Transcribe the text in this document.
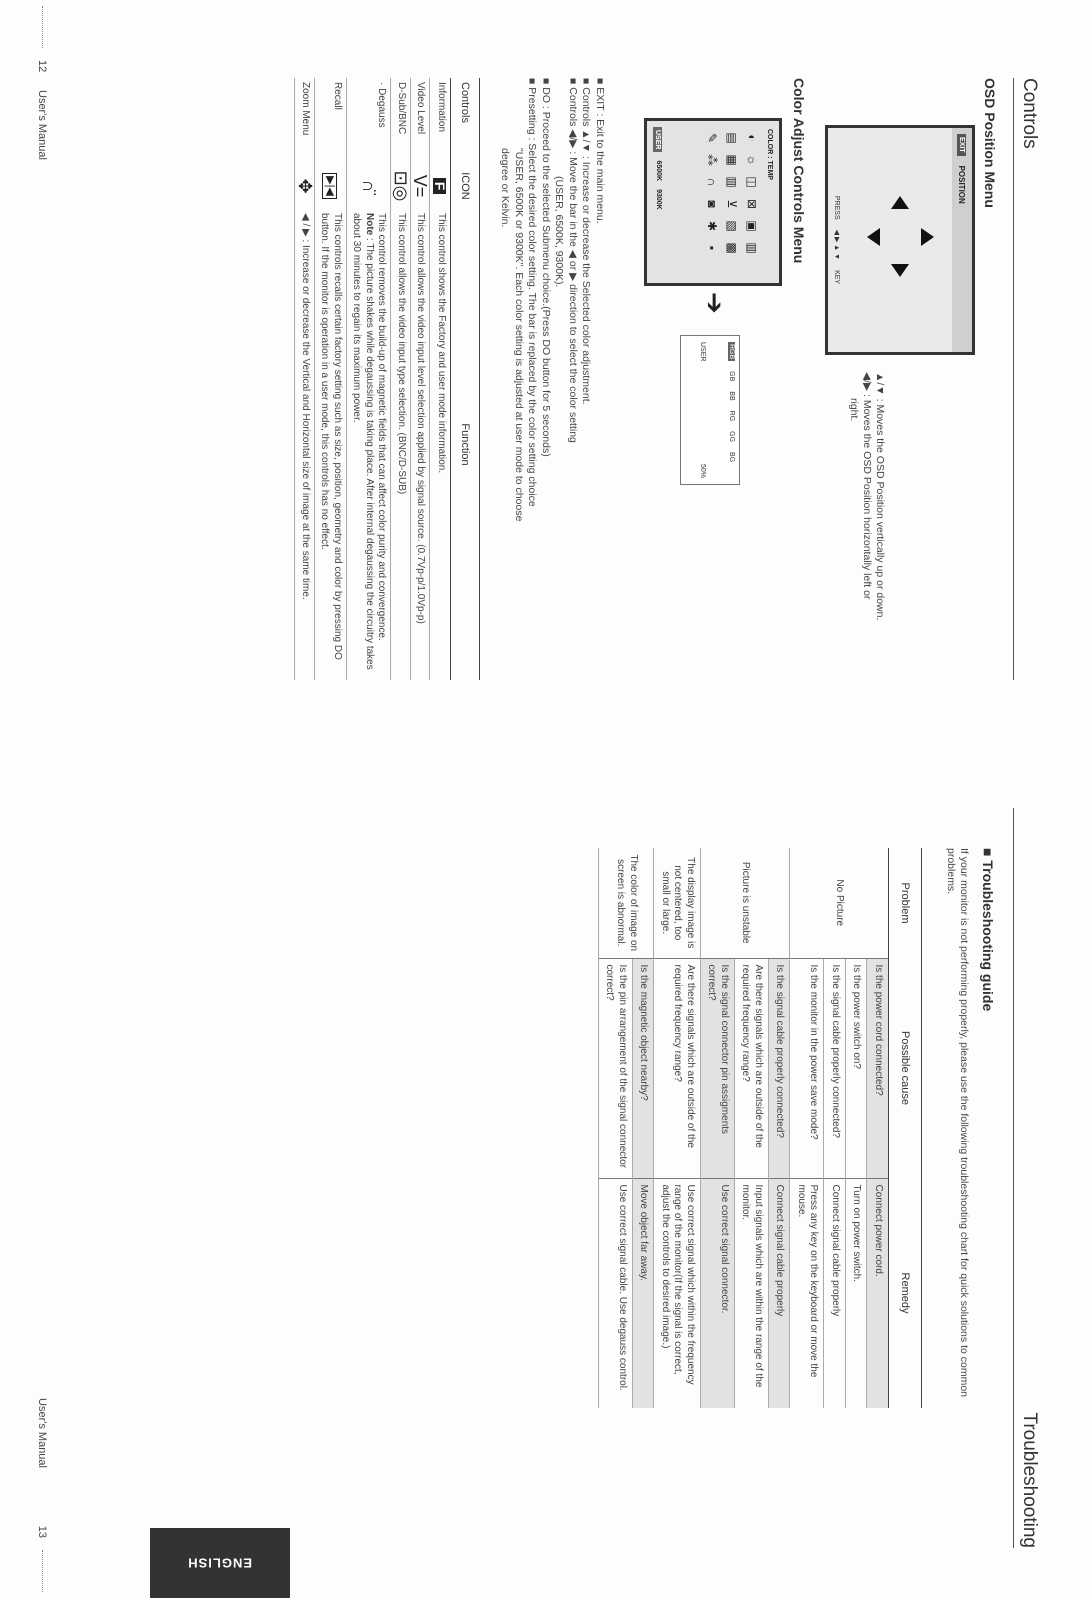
Controls
OSD Position Menu
EXIT
POSITION
PRESS
◀ ▶ ▲ ▼
KEY
▲/▼ : Moves the OSD Position vertically up or down.
◀/▶ : Moves the OSD Position horizontally left or
right.
Color Adjust Controls Menu
COLOR : TEMP
◐
☼
◫
⊠
▣
▥
▤
▦
▥
⊻
▧
▩
✎
⁂
∩
◙
✱
▪
USER
6500K
9300K
➔
RGB
GB
BB
RG
GG
BG
USER
50%
■ EXIT : Exit to the main menu.
■ Controls ▲/▼ : Increase or decrease the Selected color adjustment.
■ Controls ◀/▶ : Move the bar in the ◀ or ▶ direction to select the color setting
(USER, 6500K, 9300K).
■ DO : Proceed to the selected Submenu choice.(Press DO button for 5 seconds)
■ Presetting : Select the desired color setting. The bar is replaced by the color setting choice
"USER, 6500K or 9300K". Each color setting is adjusted at user mode to choose
degree or Kelvin.
Controls	ICON	Function
Information	F	This control shows the Factory and user mode information.
Video Level	V=	This control allows the video input level selection applied by signal source. (0.7Vp-p/1.0Vp-p)
D-Sub/BNC	⊡◎	This control allows the video input type selection. (BNC/D-SUB)
· Degauss	∩̈	This control removes the build-up of magnetic fields that can affect color purity and convergence.
Note : The picture shakes while degaussing is taking place. After internal degaussing the circuitry takes about 30 minutes to regain its maximum power.
Recall	▶|◀	This controls recalls certain factory setting such as size, position, geometry and color by pressing DO button. If the monitor is operation in a user mode, this controls has no effect.
Zoom Menu	✥	◀ / ▶ : Increase or decrease the Vertical and Horizontal size of image at the same time.
12
User's Manual
Troubleshooting
■ Troubleshooting guide
If your monitor is not performing properly, please use the following troubleshooting chart for quick solutions to common problems.
Problem	Possible cause	Remedy
No Picture	Is the power cord connected?	Connect power cord.
	Is the power switch on?	Turn on power switch.
	Is the signal cable properly connected?	Connect signal cable properly
	Is the monitor in the power save mode?	Press any key on the keyboard or move the mouse.
Picture is unstable	Is the signal cable properly connected?	Connect signal cable properly
	Are there signals which are outside of the required frequency range?	Input signals which are within the range of the monitor.
	Is the signal connector pin assigments correct?	Use correct signal connector.
The display image is not centered, too small or large.	Are there signals which are outside of the required frequency range?	Use correct signal which within the frequency range of the monitor(If the signal is correct, adjust the controls to desired image.)
The color of image on screen is abnormal.	Is the magnetic object nearby?	Move object far away.
	Is the pin arrangement of the signal connector correct?	Use correct signal cable. Use degauss control.
ENGLISH
User's Manual
13
